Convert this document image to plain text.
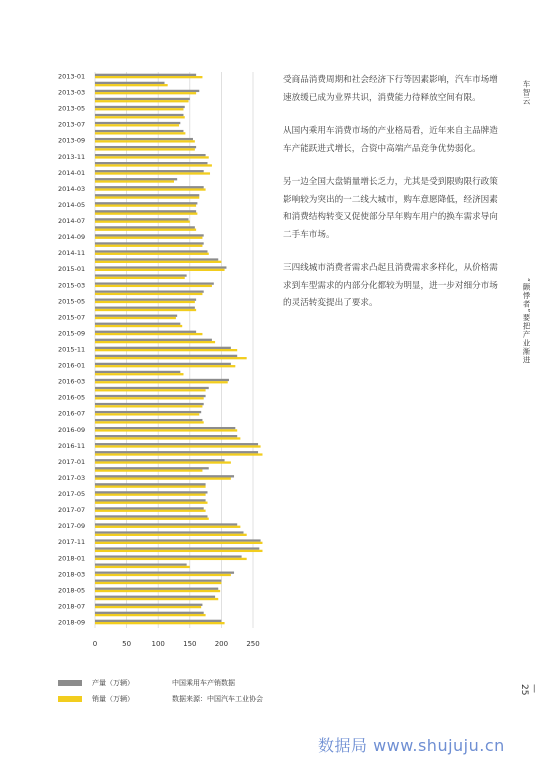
2013-01
2013-03
2013-05
2013-07
2013-09
2013-11
2014-01
2014-03
2014-05
2014-07
2014-09
2014-11
2015-01
2015-03
2015-05
2015-07
2015-09
2015-11
2016-01
2016-03
2016-05
2016-07
2016-09
2016-11
2017-01
2017-03
2017-05
2017-07
2017-09
2017-11
2018-01
2018-03
2018-05
2018-07
2018-09
0	50	100	150	200	250

受商品消费周期和社会经济下行等因素影响，汽车市场增速放缓已成为业界共识，消费能力待释放空间有限。

从国内乘用车消费市场的产业格局看，近年来自主品牌造车产能跃进式增长，合资中高端产品竞争优势弱化。

另一边全国大盘销量增长乏力，尤其是受到限购限行政策影响较为突出的一二线大城市，购车意愿降低，经济因素和消费结构转变又促使部分早年购车用户的换车需求导向二手车市场。

三四线城市消费者需求凸起且消费需求多样化，从价格需求到车型需求的内部分化都较为明显，进一步对细分市场的灵活转変提出了要求。

车智云
“颤悸者”要把产业渐进
— 25
产量（万辆）	中国乘用车产销数据
销量（万辆）	数据来源：中国汽车工业协会
数据局 www.shujuju.cn
